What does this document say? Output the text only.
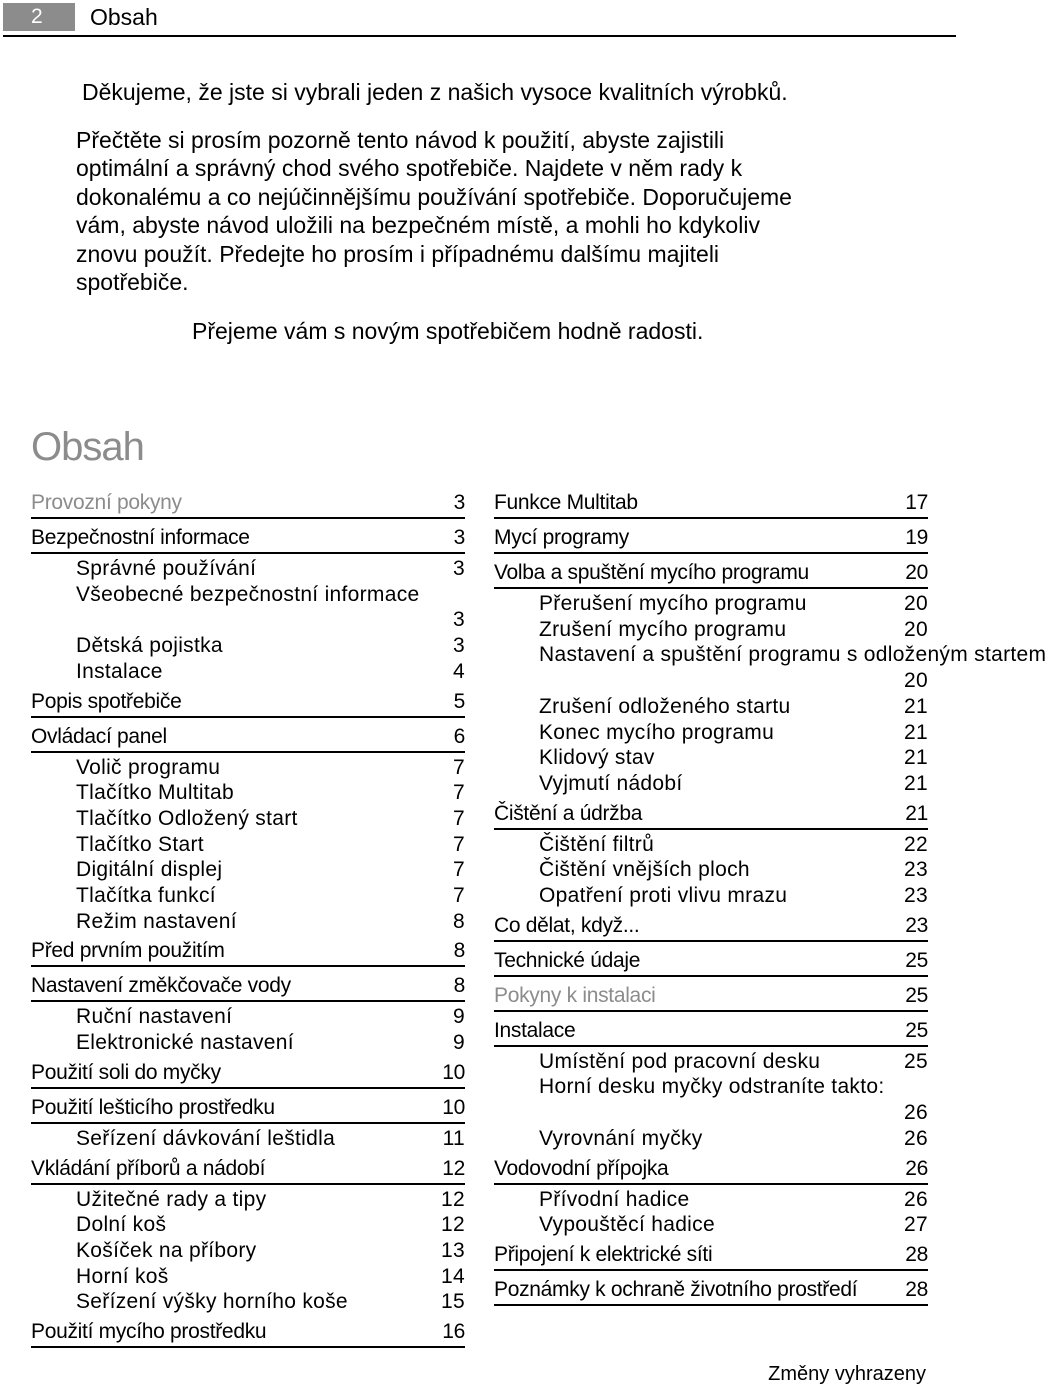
2	Obsah

Děkujeme, že jste si vybrali jeden z našich vysoce kvalitních výrobků.

Přečtěte si prosím pozorně tento návod k použití, abyste zajistili

optimální a správný chod svého spotřebiče. Najdete v něm rady k

dokonalému a co nejúčinnějšímu používání spotřebiče. Doporučujeme

vám, abyste návod uložili na bezpečném místě, a mohli ho kdykoliv

znovu použít. Předejte ho prosím i případnému dalšímu majiteli

spotřebiče.

Přejeme vám s novým spotřebičem hodně radosti.

Obsah
Provozní pokyny	3
Bezpečnostní informace	3
Správné používání	3
Všeobecné bezpečnostní informace
3
Dětská pojistka	3
Instalace	4
Popis spotřebiče	5
Ovládací panel	6
Volič programu	7
Tlačítko Multitab	7
Tlačítko Odložený start	7
Tlačítko Start	7
Digitální displej	7
Tlačítka funkcí	7
Režim nastavení	8
Před prvním použitím	8
Nastavení změkčovače vody	8
Ruční nastavení	9
Elektronické nastavení	9
Použití soli do myčky	10
Použití lešticího prostředku	10
Seřízení dávkování leštidla	11
Vkládání příborů a nádobí	12
Užitečné rady a tipy	12
Dolní koš	12
Košíček na příbory	13
Horní koš	14
Seřízení výšky horního koše	15
Použití mycího prostředku	16
Funkce Multitab	17
Mycí programy	19
Volba a spuštění mycího programu	20
Přerušení mycího programu	20
Zrušení mycího programu	20
Nastavení a spuštění programu s odloženým startem
20
Zrušení odloženého startu	21
Konec mycího programu	21
Klidový stav	21
Vyjmutí nádobí	21
Čištění a údržba	21
Čištění filtrů	22
Čištění vnějších ploch	23
Opatření proti vlivu mrazu	23
Co dělat, když...	23
Technické údaje	25
Pokyny k instalaci	25
Instalace	25
Umístění pod pracovní desku	25
Horní desku myčky odstraníte takto:
26
Vyrovnání myčky	26
Vodovodní přípojka	26
Přívodní hadice	26
Vypouštěcí hadice	27
Připojení k elektrické síti	28
Poznámky k ochraně životního prostředí 28
Změny vyhrazeny
